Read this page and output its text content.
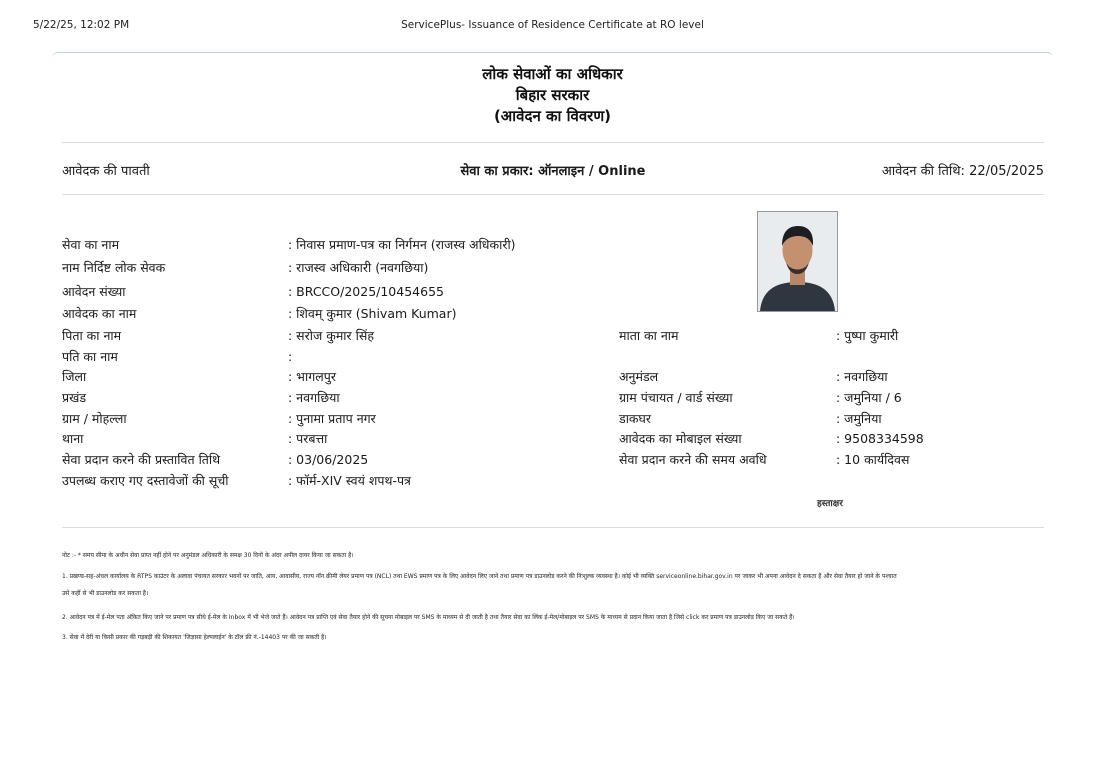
5/22/25, 12:02 PM	ServicePlus- Issuance of Residence Certificate at RO level
लोक सेवाओं का अधिकार
बिहार सरकार
(आवेदन का विवरण)
आवेदक की पावती	सेवा का प्रकार: ऑनलाइन / Online	आवेदन की तिथि: 22/05/2025
सेवा का नाम	: निवास प्रमाण-पत्र का निर्गमन (राजस्व अधिकारी)
नाम निर्दिष्ट लोक सेवक	: राजस्व अधिकारी (नवगछिया)
आवेदन संख्या	: BRCCO/2025/10454655
आवेदक का नाम	: शिवम् कुमार (Shivam Kumar)
पिता का नाम	: सरोज कुमार सिंह
पति का नाम	:
जिला	: भागलपुर
प्रखंड	: नवगछिया
ग्राम / मोहल्ला	: पुनामा प्रताप नगर
थाना	: परबत्ता
सेवा प्रदान करने की प्रस्तावित तिथि	: 03/06/2025
उपलब्ध कराए गए दस्तावेजों की सूची	: फॉर्म-XIV स्वयं शपथ-पत्र
माता का नाम	: पुष्पा कुमारी
अनुमंडल	: नवगछिया
ग्राम पंचायत / वार्ड संख्या	: जमुनिया / 6
डाकघर	: जमुनिया
आवेदक का मोबाइल संख्या	: 9508334598
सेवा प्रदान करने की समय अवधि	: 10 कार्यदिवस
हस्ताक्षर

नोट :- * समय सीमा के अधीन सेवा प्राप्त नहीं होने पर अनुमंडल अधिकारी के समक्ष 30 दिनों के अंदर अपील दायर किया जा सकता है।

1. प्रखण्ड-सह-अंचल कार्यालय के RTPS काउंटर के अलावा पंचायत सरकार भवनों पर जाति, आय, आवासीय, राज्य नॉन क्रीमी लेयर प्रमाण पत्र (NCL) तथा EWS प्रमाण पत्र के लिए आवेदन लिए जाने तथा प्रमाण पत्र डाउनलोड करने की निःशुल्क व्यवस्था है। कोई भी व्यक्ति serviceonline.bihar.gov.in पर जाकर भी अपना आवेदन दे सकता है और सेवा तैयार हो जाने के पश्चात

उसे कहीं से भी डाउनलोड कर सकता है।

2. आवेदन पत्र में ई-मेल पता अंकित किए जाने पर प्रमाण पत्र सीधे ई-मेल के Inbox में भी भेजे जाते हैं। आवेदन पत्र प्राप्ति एवं सेवा तैयार होने की सूचना मोबाइल पर SMS के माध्यम से दी जाती है तथा तैयार सेवा का लिंक ई-मेल/मोबाइल पर SMS के माध्यम से प्रदान किया जाता है जिसे click कर प्रमाण पत्र डाउनलोड किए जा सकते हैं।

3. सेवा में देरी या किसी प्रकार की गड़बड़ी की शिकायत 'जिज्ञासा हेल्पलाईन' के टॉल फ्री नं.-14403 पर की जा सकती है।
